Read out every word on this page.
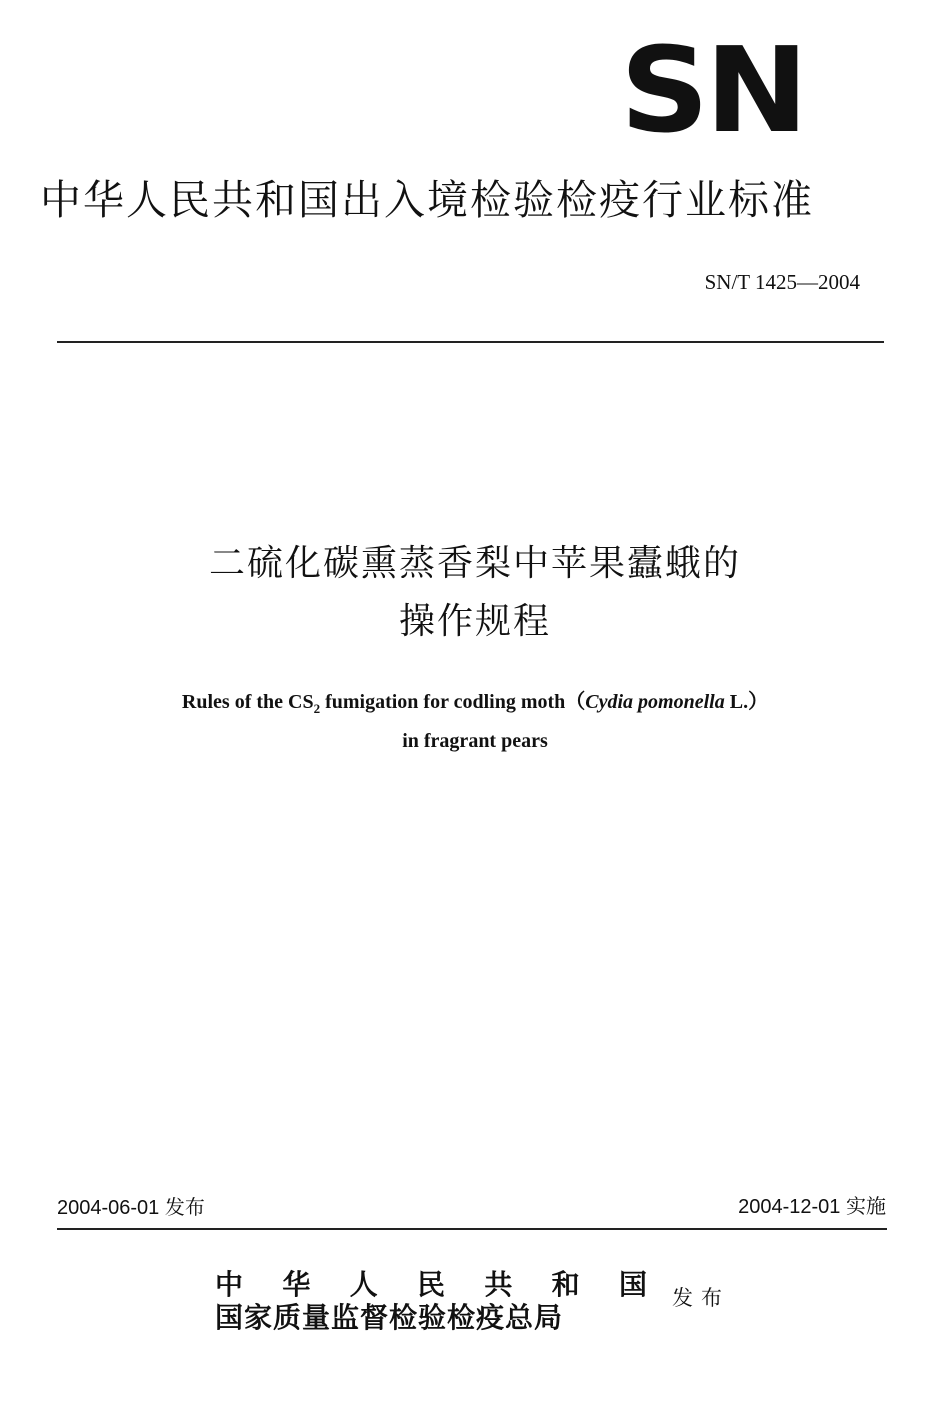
SN
中华人民共和国出入境检验检疫行业标准
SN/T 1425—2004
二硫化碳熏蒸香梨中苹果蠹蛾的
操作规程
Rules of the $CS_2$ fumigation for codling moth（Cydia pomonella L.）
in fragrant pears
2004-06-01 发布	2004-12-01 实施
中 华 人 民 共 和 国
国家质量监督检验检疫总局
发布
